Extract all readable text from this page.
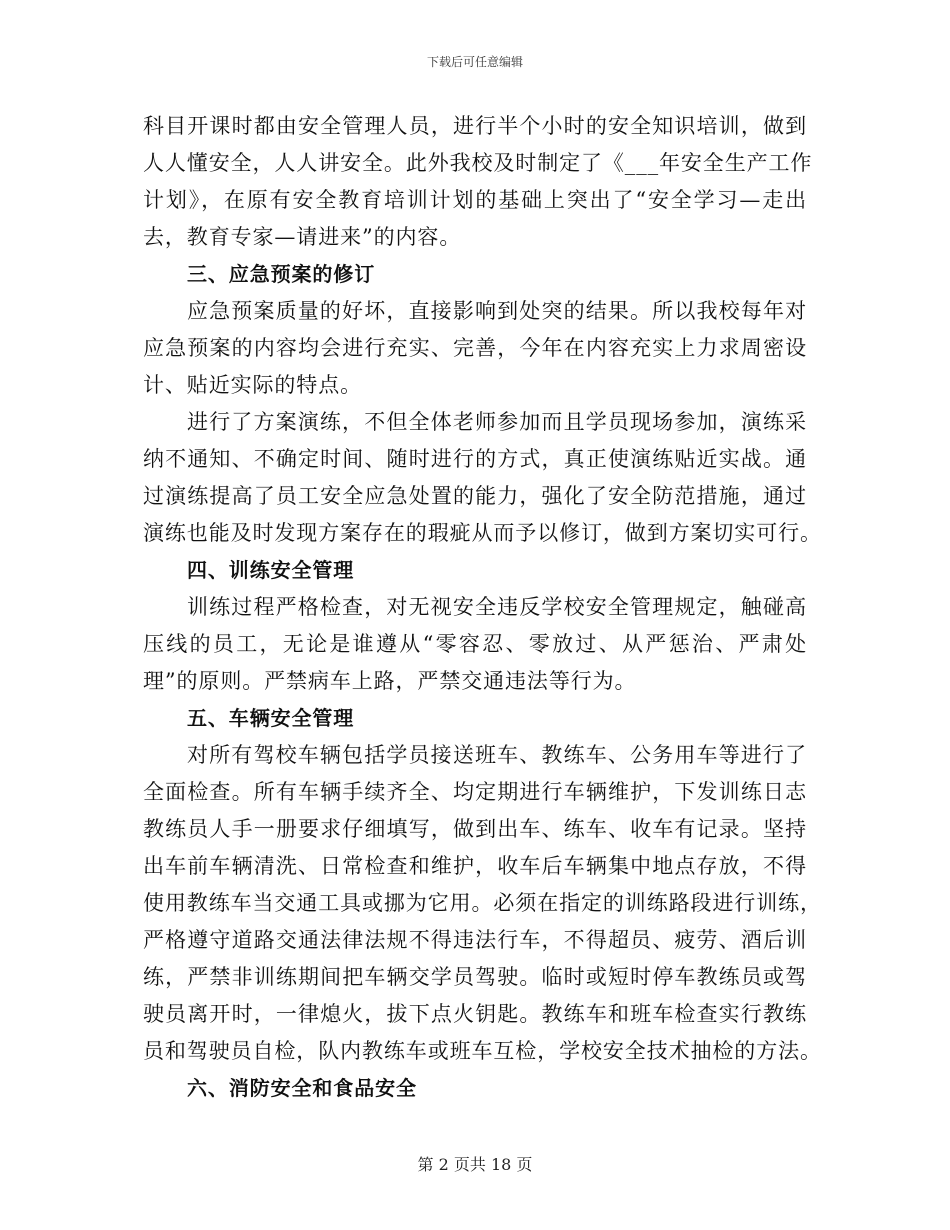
下载后可任意编辑
科目开课时都由安全管理人员，进行半个小时的安全知识培训，做到
人人懂安全，人人讲安全。此外我校及时制定了《___年安全生产工作
计划》，在原有安全教育培训计划的基础上突出了“安全学习—走出
去，教育专家—请进来”的内容。
三、应急预案的修订
应急预案质量的好坏，直接影响到处突的结果。所以我校每年对
应急预案的内容均会进行充实、完善，今年在内容充实上力求周密设
计、贴近实际的特点。
进行了方案演练，不但全体老师参加而且学员现场参加，演练采
纳不通知、不确定时间、随时进行的方式，真正使演练贴近实战。通
过演练提高了员工安全应急处置的能力，强化了安全防范措施，通过
演练也能及时发现方案存在的瑕疵从而予以修订，做到方案切实可行。
四、训练安全管理
训练过程严格检查，对无视安全违反学校安全管理规定，触碰高
压线的员工，无论是谁遵从“零容忍、零放过、从严惩治、严肃处
理”的原则。严禁病车上路，严禁交通违法等行为。
五、车辆安全管理
对所有驾校车辆包括学员接送班车、教练车、公务用车等进行了
全面检查。所有车辆手续齐全、均定期进行车辆维护，下发训练日志
教练员人手一册要求仔细填写，做到出车、练车、收车有记录。坚持
出车前车辆清洗、日常检查和维护，收车后车辆集中地点存放，不得
使用教练车当交通工具或挪为它用。必须在指定的训练路段进行训练，
严格遵守道路交通法律法规不得违法行车，不得超员、疲劳、酒后训
练，严禁非训练期间把车辆交学员驾驶。临时或短时停车教练员或驾
驶员离开时，一律熄火，拔下点火钥匙。教练车和班车检查实行教练
员和驾驶员自检，队内教练车或班车互检，学校安全技术抽检的方法。
六、消防安全和食品安全
第 2 页共 18 页
